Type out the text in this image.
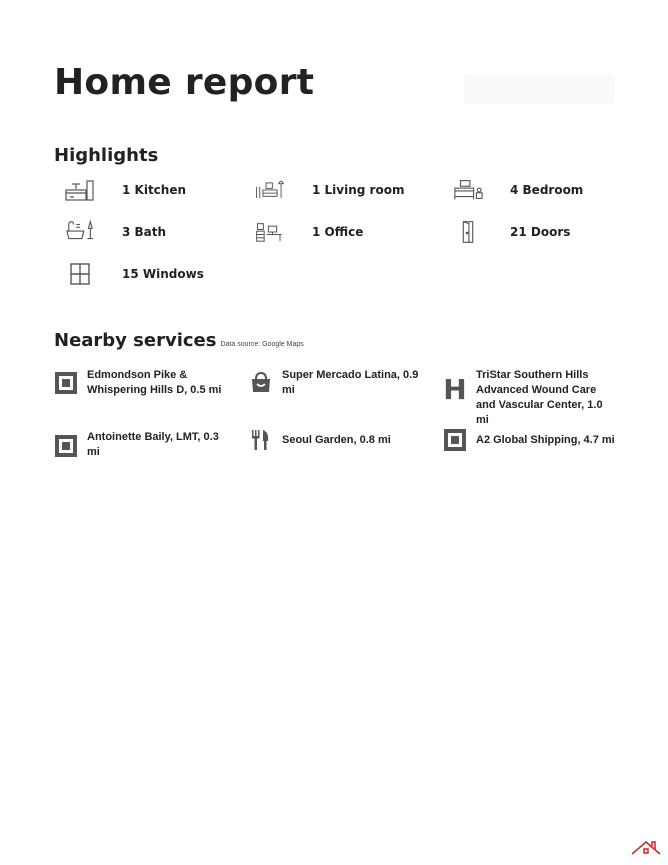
Home report
Highlights
1 Kitchen	1 Living room	4 Bedroom
3 Bath	1 Office	21 Doors
15 Windows
Nearby services Data source: Google Maps
Edmondson Pike & Whispering Hills D, 0.5 mi
Super Mercado Latina, 0.9 mi	H TriStar Southern Hills Advanced Wound Care and Vascular Center, 1.0 mi
Antoinette Baily, LMT, 0.3 mi
Seoul Garden, 0.8 mi	A2 Global Shipping, 4.7 mi
